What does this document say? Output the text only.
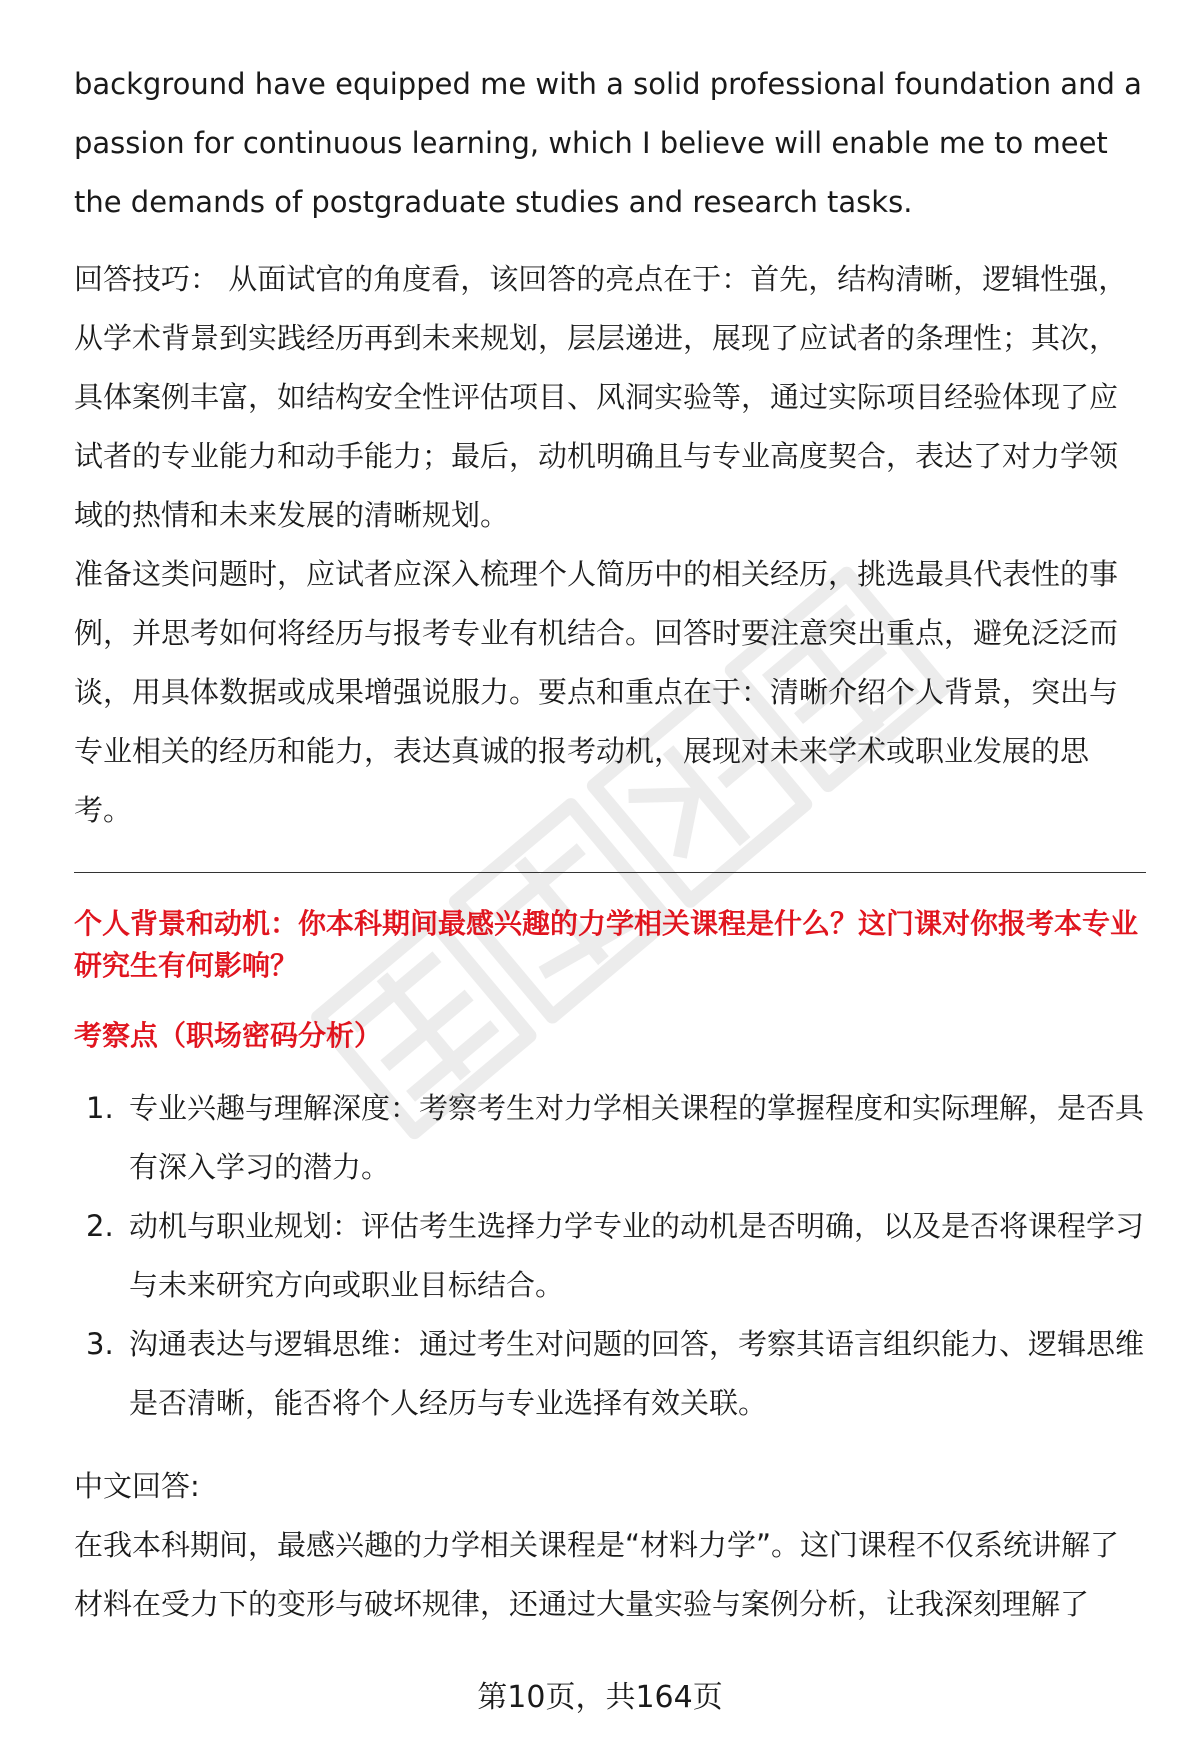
background have equipped me with a solid professional foundation and a passion for continuous learning, which I believe will enable me to meet the demands of postgraduate studies and research tasks.

回答技巧： 从面试官的角度看，该回答的亮点在于：首先，结构清晰，逻辑性强，从学术背景到实践经历再到未来规划，层层递进，展现了应试者的条理性；其次，具体案例丰富，如结构安全性评估项目、风洞实验等，通过实际项目经验体现了应试者的专业能力和动手能力；最后，动机明确且与专业高度契合，表达了对力学领域的热情和未来发展的清晰规划。

准备这类问题时，应试者应深入梳理个人简历中的相关经历，挑选最具代表性的事例，并思考如何将经历与报考专业有机结合。回答时要注意突出重点，避免泛泛而谈，用具体数据或成果增强说服力。要点和重点在于：清晰介绍个人背景，突出与专业相关的经历和能力，表达真诚的报考动机，展现对未来学术或职业发展的思考。

个人背景和动机：你本科期间最感兴趣的力学相关课程是什么？这门课对你报考本专业研究生有何影响？

考察点（职场密码分析）

1. 专业兴趣与理解深度：考察考生对力学相关课程的掌握程度和实际理解，是否具有深入学习的潜力。
2. 动机与职业规划：评估考生选择力学专业的动机是否明确，以及是否将课程学习与未来研究方向或职业目标结合。
3. 沟通表达与逻辑思维：通过考生对问题的回答，考察其语言组织能力、逻辑思维是否清晰，能否将个人经历与专业选择有效关联。

中文回答:

在我本科期间，最感兴趣的力学相关课程是“材料力学”。这门课程不仅系统讲解了材料在受力下的变形与破坏规律，还通过大量实验与案例分析，让我深刻理解了

第10页，共164页
